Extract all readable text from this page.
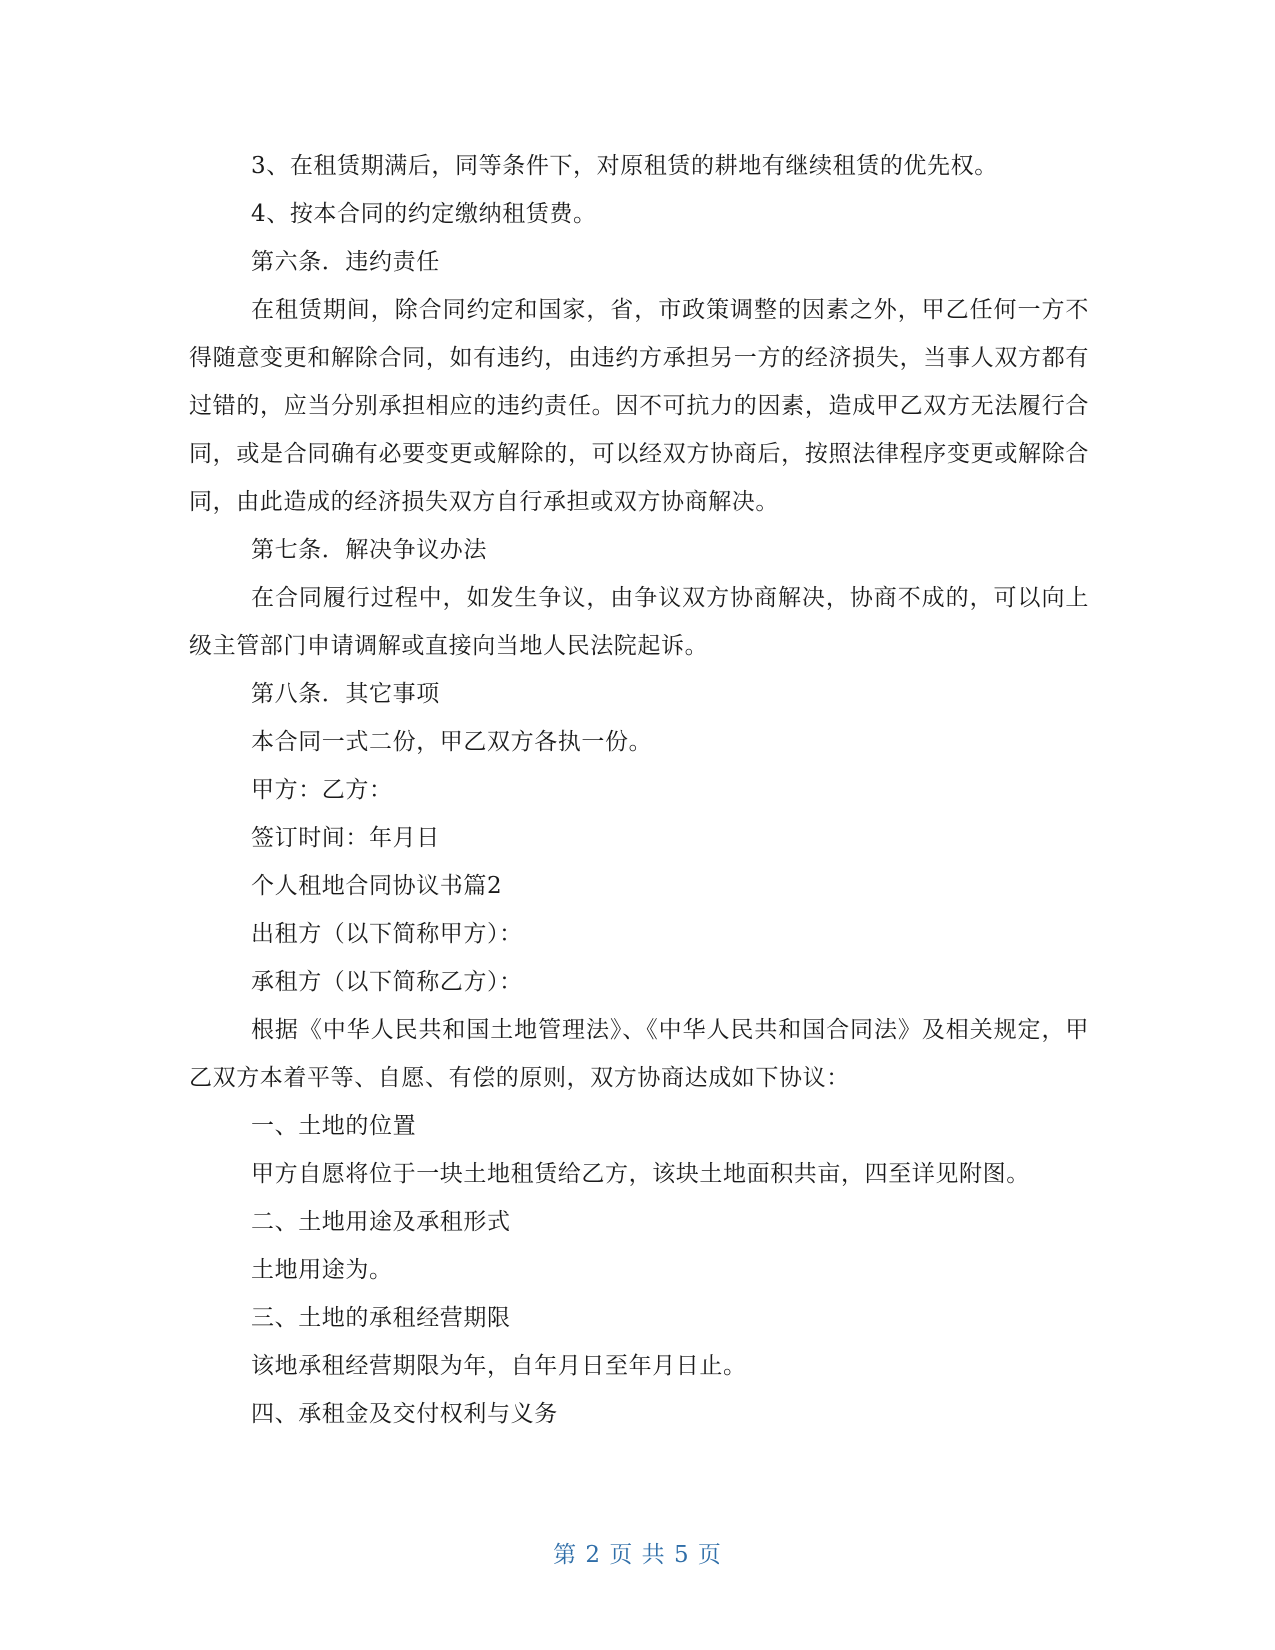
3、在租赁期满后，同等条件下，对原租赁的耕地有继续租赁的优先权。

4、按本合同的约定缴纳租赁费。

第六条．违约责任

在租赁期间，除合同约定和国家，省，市政策调整的因素之外，甲乙任何一方不得随意变更和解除合同，如有违约，由违约方承担另一方的经济损失，当事人双方都有过错的，应当分别承担相应的违约责任。因不可抗力的因素，造成甲乙双方无法履行合同，或是合同确有必要变更或解除的，可以经双方协商后，按照法律程序变更或解除合同，由此造成的经济损失双方自行承担或双方协商解决。

第七条．解决争议办法

在合同履行过程中，如发生争议，由争议双方协商解决，协商不成的，可以向上级主管部门申请调解或直接向当地人民法院起诉。

第八条．其它事项

本合同一式二份，甲乙双方各执一份。

甲方：乙方：

签订时间：年月日

个人租地合同协议书篇2

出租方（以下简称甲方）：

承租方（以下简称乙方）：

根据《中华人民共和国土地管理法》、《中华人民共和国合同法》及相关规定，甲乙双方本着平等、自愿、有偿的原则，双方协商达成如下协议：

一、土地的位置

甲方自愿将位于一块土地租赁给乙方，该块土地面积共亩，四至详见附图。

二、土地用途及承租形式

土地用途为。

三、土地的承租经营期限

该地承租经营期限为年，自年月日至年月日止。

四、承租金及交付权利与义务

第 2 页 共 5 页
